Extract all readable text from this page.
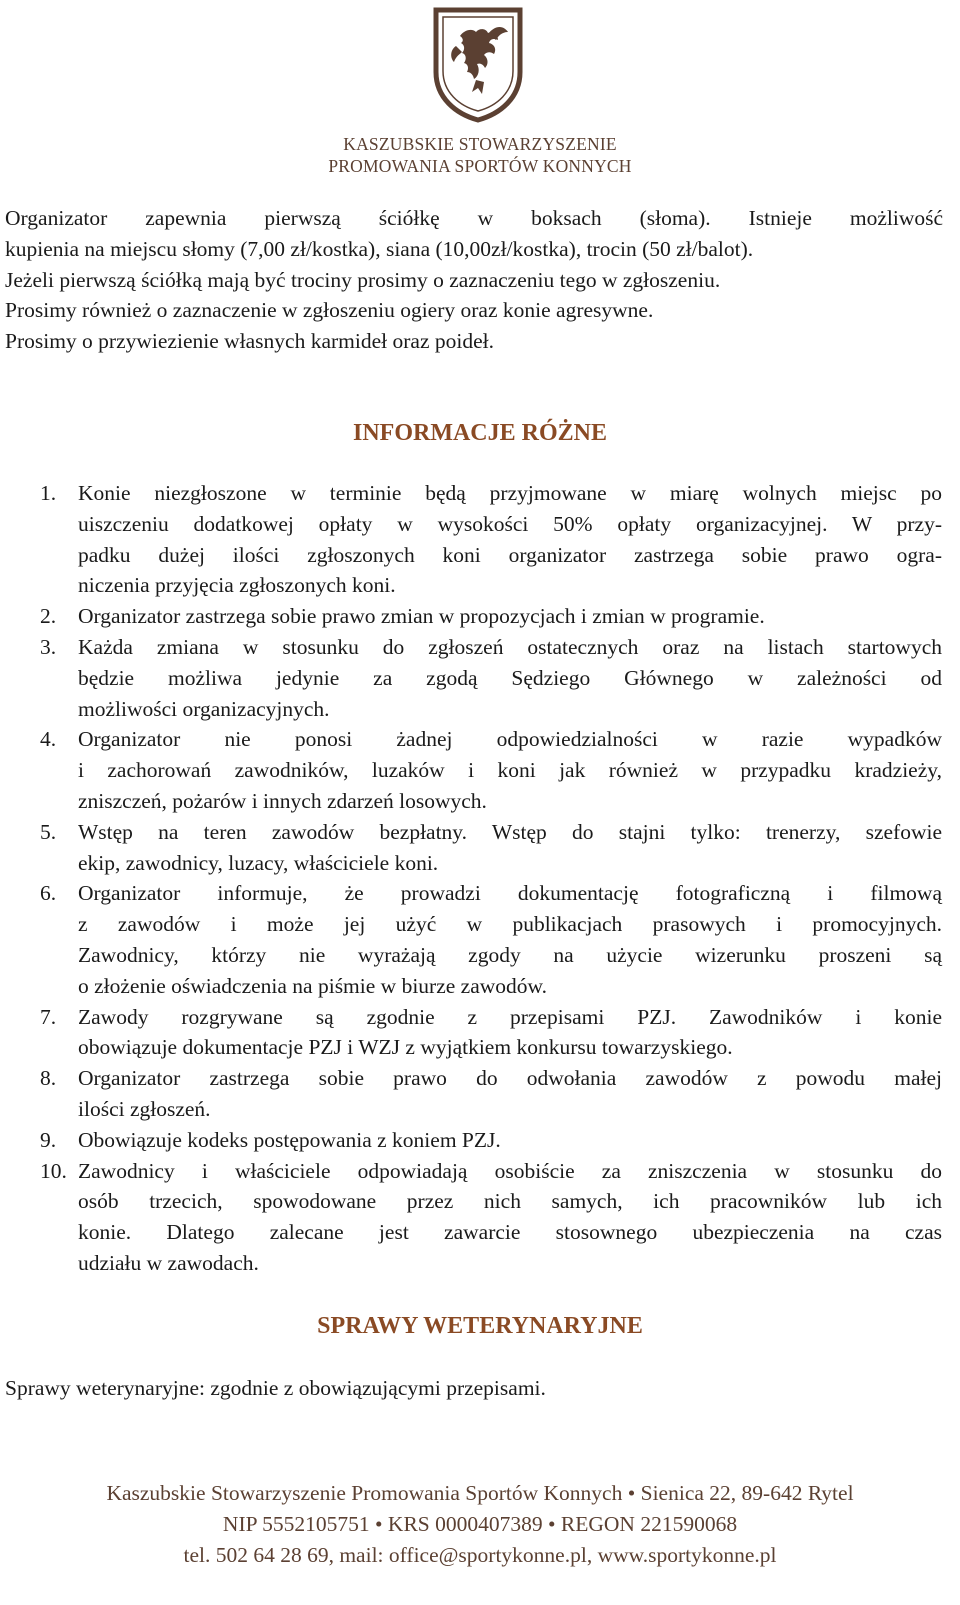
KASZUBSKIE STOWARZYSZENIE
PROMOWANIA SPORTÓW KONNYCH

Organizator zapewnia pierwszą ściółkę w boksach (słoma). Istnieje możliwość

kupienia na miejscu słomy (7,00 zł/kostka), siana (10,00zł/kostka), trocin (50 zł/balot).

Jeżeli pierwszą ściółką mają być trociny prosimy o zaznaczeniu tego w zgłoszeniu.

Prosimy również o zaznaczenie w zgłoszeniu ogiery oraz konie agresywne.

Prosimy o przywiezienie własnych karmideł oraz poideł.

INFORMACJE RÓŻNE
1.	Konie niezgłoszone w terminie będą przyjmowane w miarę wolnych miejsc po
uiszczeniu dodatkowej opłaty w wysokości 50% opłaty organizacyjnej. W przy-
padku dużej ilości zgłoszonych koni organizator zastrzega sobie prawo ogra-
niczenia przyjęcia zgłoszonych koni.
2.	Organizator zastrzega sobie prawo zmian w propozycjach i zmian w programie.
3.	Każda zmiana w stosunku do zgłoszeń ostatecznych oraz na listach startowych
będzie możliwa jedynie za zgodą Sędziego Głównego w zależności od
możliwości organizacyjnych.
4.	Organizator nie ponosi żadnej odpowiedzialności w razie wypadków
i zachorowań zawodników, luzaków i koni jak również w przypadku kradzieży,
zniszczeń, pożarów i innych zdarzeń losowych.
5.	Wstęp na teren zawodów bezpłatny. Wstęp do stajni tylko: trenerzy, szefowie
ekip, zawodnicy, luzacy, właściciele koni.
6.	Organizator informuje, że prowadzi dokumentację fotograficzną i filmową
z zawodów i może jej użyć w publikacjach prasowych i promocyjnych.
Zawodnicy, którzy nie wyrażają zgody na użycie wizerunku proszeni są
o złożenie oświadczenia na piśmie w biurze zawodów.
7.	Zawody rozgrywane są zgodnie z przepisami PZJ. Zawodników i konie
obowiązuje dokumentacje PZJ i WZJ z wyjątkiem konkursu towarzyskiego.
8.	Organizator zastrzega sobie prawo do odwołania zawodów z powodu małej
ilości zgłoszeń.
9.	Obowiązuje kodeks postępowania z koniem PZJ.
10. Zawodnicy i właściciele odpowiadają osobiście za zniszczenia w stosunku do
osób trzecich, spowodowane przez nich samych, ich pracowników lub ich
konie. Dlatego zalecane jest zawarcie stosownego ubezpieczenia na czas
udziału w zawodach.
SPRAWY WETERYNARYJNE

Sprawy weterynaryjne: zgodnie z obowiązującymi przepisami.

Kaszubskie Stowarzyszenie Promowania Sportów Konnych • Sienica 22, 89-642 Rytel
NIP 5552105751 • KRS 0000407389 • REGON 221590068
tel. 502 64 28 69, mail: office@sportykonne.pl, www.sportykonne.pl
